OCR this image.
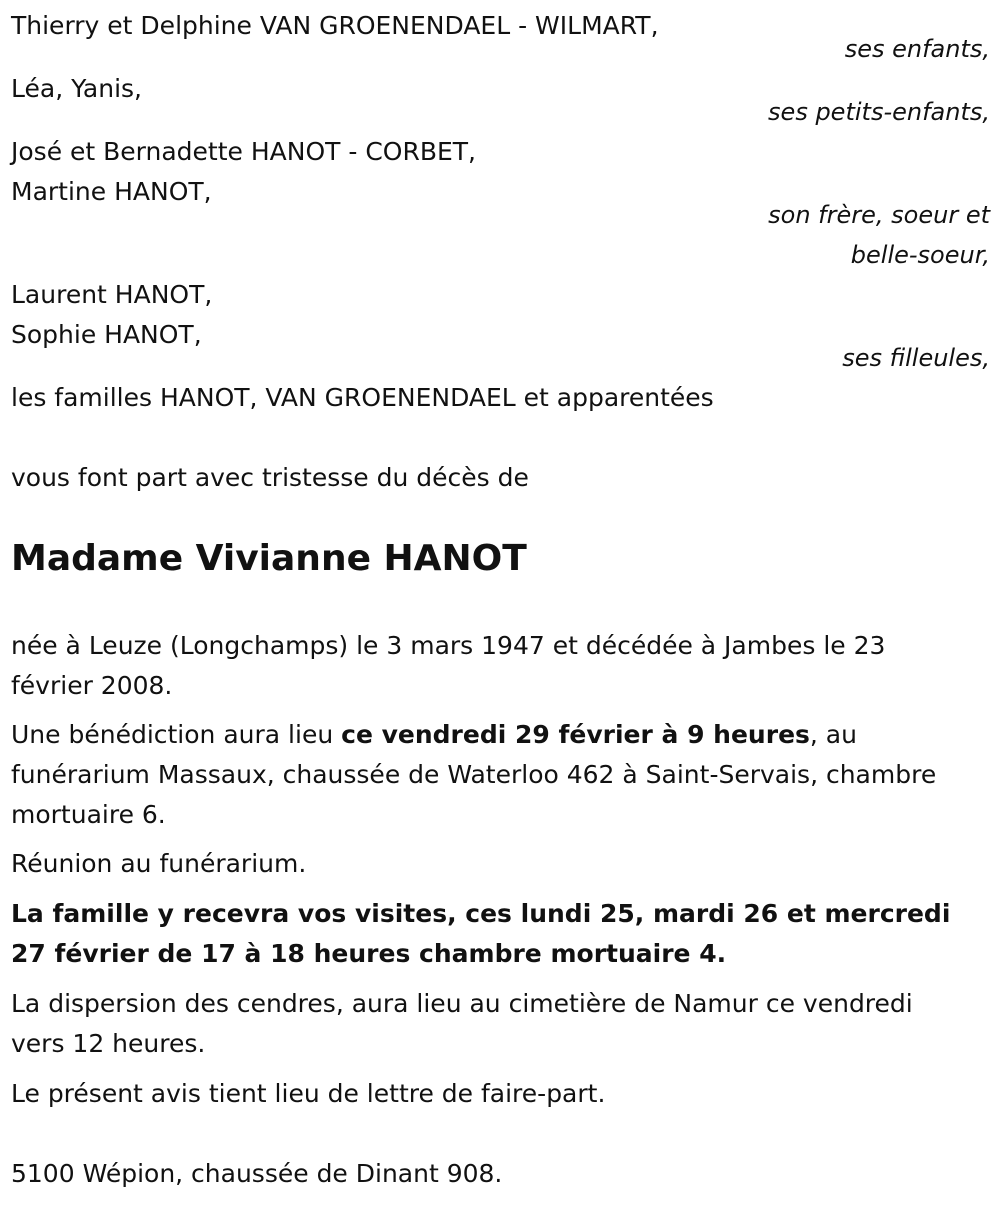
Thierry et Delphine VAN GROENENDAEL - WILMART,
ses enfants,
Léa, Yanis,
ses petits-enfants,
José et Bernadette HANOT - CORBET,
Martine HANOT,
son frère, soeur et
belle-soeur,
Laurent HANOT,
Sophie HANOT,
ses filleules,
les familles HANOT, VAN GROENENDAEL et apparentées
vous font part avec tristesse du décès de
Madame Vivianne HANOT
née à Leuze (Longchamps) le 3 mars 1947 et décédée à Jambes le 23 février 2008.
Une bénédiction aura lieu ce vendredi 29 février à 9 heures, au funérarium Massaux, chaussée de Waterloo 462 à Saint-Servais, chambre mortuaire 6.
Réunion au funérarium.
La famille y recevra vos visites, ces lundi 25, mardi 26 et mercredi 27 février de 17 à 18 heures chambre mortuaire 4.
La dispersion des cendres, aura lieu au cimetière de Namur ce vendredi vers 12 heures.
Le présent avis tient lieu de lettre de faire-part.
5100 Wépion, chaussée de Dinant 908.
